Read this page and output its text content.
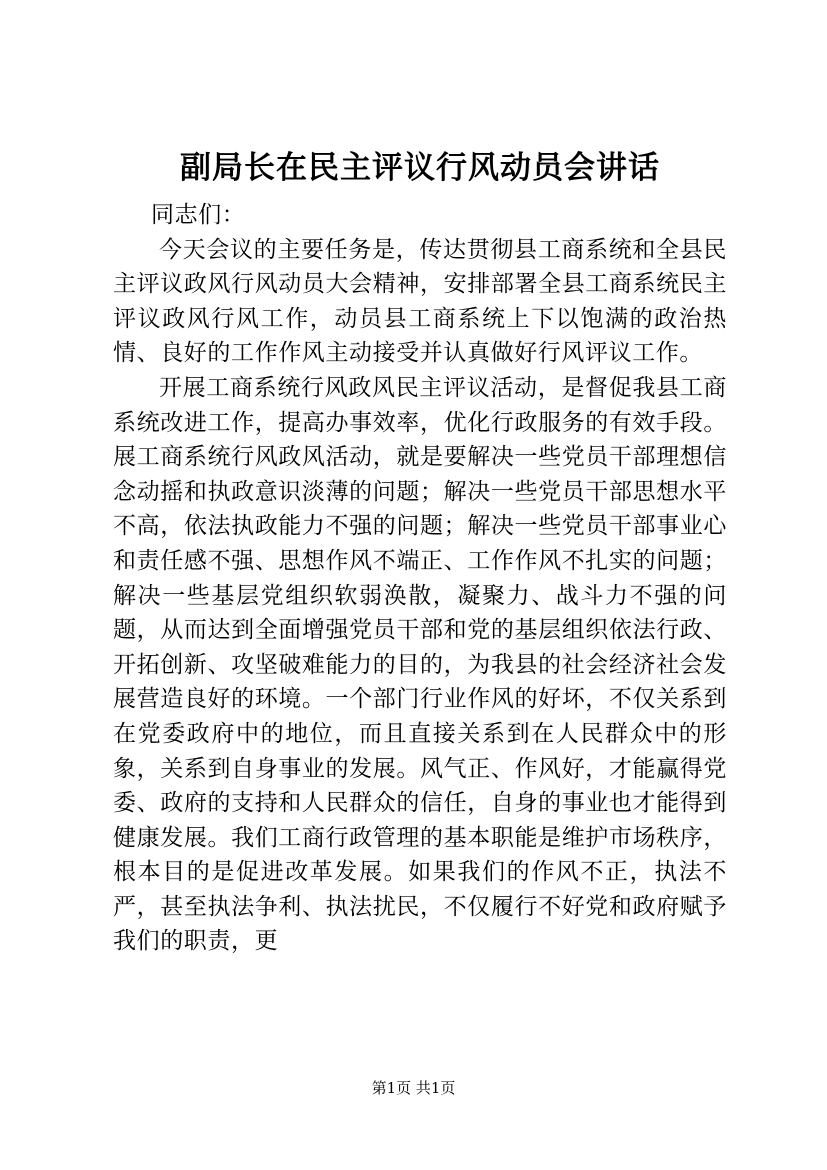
副局长在民主评议行风动员会讲话

同志们：

今天会议的主要任务是，传达贯彻县工商系统和全县民主评议政风行风动员大会精神，安排部署全县工商系统民主评议政风行风工作，动员县工商系统上下以饱满的政治热情、良好的工作作风主动接受并认真做好行风评议工作。

开展工商系统行风政风民主评议活动，是督促我县工商系统改进工作，提高办事效率，优化行政服务的有效手段。展工商系统行风政风活动，就是要解决一些党员干部理想信念动摇和执政意识淡薄的问题；解决一些党员干部思想水平不高，依法执政能力不强的问题；解决一些党员干部事业心和责任感不强、思想作风不端正、工作作风不扎实的问题；解决一些基层党组织软弱涣散，凝聚力、战斗力不强的问题，从而达到全面增强党员干部和党的基层组织依法行政、开拓创新、攻坚破难能力的目的，为我县的社会经济社会发展营造良好的环境。一个部门行业作风的好坏，不仅关系到在党委政府中的地位，而且直接关系到在人民群众中的形象，关系到自身事业的发展。风气正、作风好，才能赢得党委、政府的支持和人民群众的信任，自身的事业也才能得到健康发展。我们工商行政管理的基本职能是维护市场秩序，根本目的是促进改革发展。如果我们的作风不正，执法不严，甚至执法争利、执法扰民，不仅履行不好党和政府赋予我们的职责，更

第1页 共1页
